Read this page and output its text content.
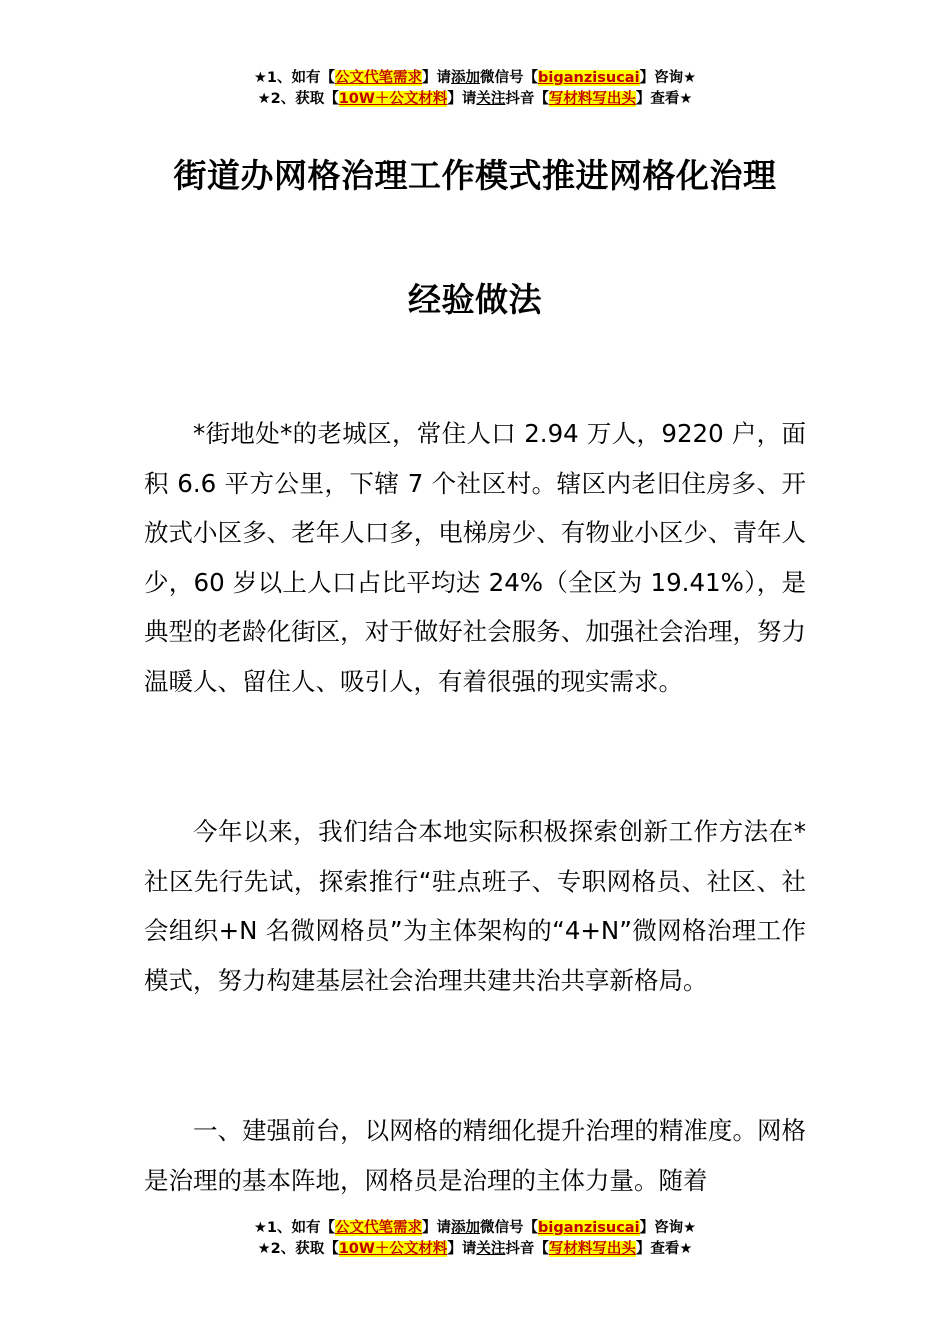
★1、如有【公文代笔需求】请添加微信号【biganzisucai】咨询★
★2、获取【10W＋公文材料】请关注抖音【写材料写出头】查看★
街道办网格治理工作模式推进网格化治理
经验做法

*街地处*的老城区，常住人口 2.94 万人，9220 户，面积 6.6 平方公里，下辖 7 个社区村。辖区内老旧住房多、开放式小区多、老年人口多，电梯房少、有物业小区少、青年人少，60 岁以上人口占比平均达 24%（全区为 19.41%），是典型的老龄化街区，对于做好社会服务、加强社会治理，努力温暖人、留住人、吸引人，有着很强的现实需求。

今年以来，我们结合本地实际积极探索创新工作方法在*社区先行先试，探索推行“驻点班子、专职网格员、社区、社会组织+N 名微网格员”为主体架构的“4+N”微网格治理工作模式，努力构建基层社会治理共建共治共享新格局。

一、建强前台，以网格的精细化提升治理的精准度。网格是治理的基本阵地，网格员是治理的主体力量。随着

★1、如有【公文代笔需求】请添加微信号【biganzisucai】咨询★
★2、获取【10W＋公文材料】请关注抖音【写材料写出头】查看★
